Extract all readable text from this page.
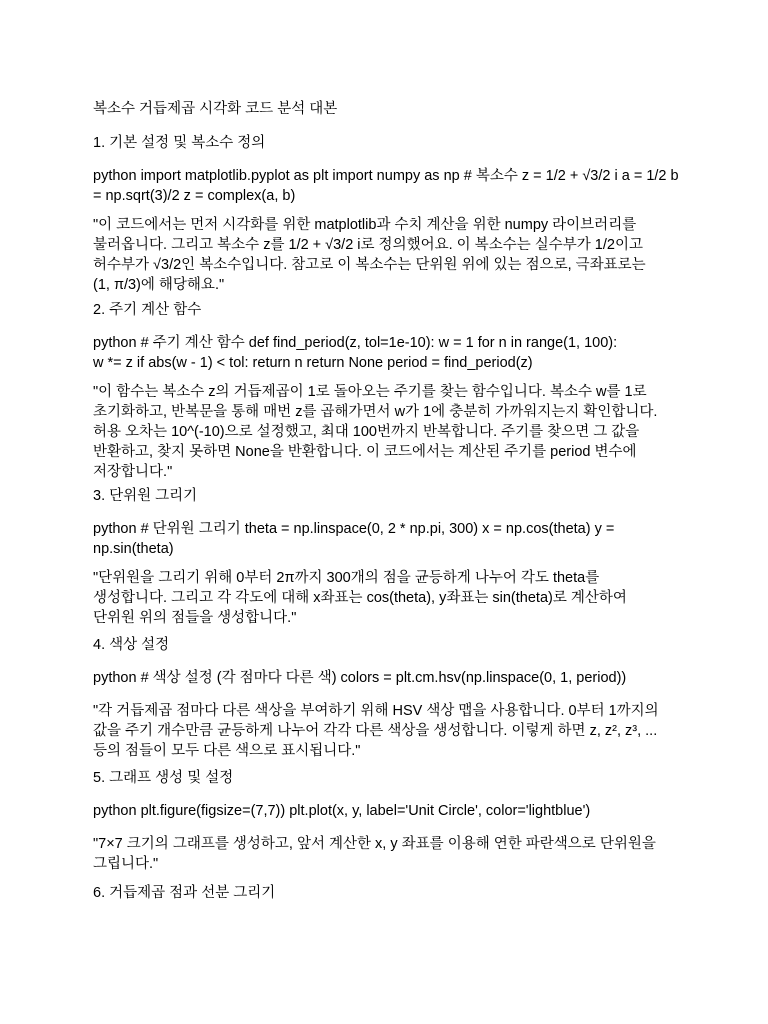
복소수 거듭제곱 시각화 코드 분석 대본

1. 기본 설정 및 복소수 정의

python import matplotlib.pyplot as plt import numpy as np # 복소수 z = 1/2 + √3/2 i a = 1/2 b
= np.sqrt(3)/2 z = complex(a, b)

"이 코드에서는 먼저 시각화를 위한 matplotlib과 수치 계산을 위한 numpy 라이브러리를
불러옵니다. 그리고 복소수 z를 1/2 + √3/2 i로 정의했어요. 이 복소수는 실수부가 1/2이고
허수부가 √3/2인 복소수입니다. 참고로 이 복소수는 단위원 위에 있는 점으로, 극좌표로는
(1, π/3)에 해당해요."

2. 주기 계산 함수

python # 주기 계산 함수 def find_period(z, tol=1e-10): w = 1 for n in range(1, 100):
w *= z if abs(w - 1) < tol: return n return None period = find_period(z)

"이 함수는 복소수 z의 거듭제곱이 1로 돌아오는 주기를 찾는 함수입니다. 복소수 w를 1로
초기화하고, 반복문을 통해 매번 z를 곱해가면서 w가 1에 충분히 가까워지는지 확인합니다.
허용 오차는 10^(-10)으로 설정했고, 최대 100번까지 반복합니다. 주기를 찾으면 그 값을
반환하고, 찾지 못하면 None을 반환합니다. 이 코드에서는 계산된 주기를 period 변수에
저장합니다."

3. 단위원 그리기

python # 단위원 그리기 theta = np.linspace(0, 2 * np.pi, 300) x = np.cos(theta) y =
np.sin(theta)

"단위원을 그리기 위해 0부터 2π까지 300개의 점을 균등하게 나누어 각도 theta를
생성합니다. 그리고 각 각도에 대해 x좌표는 cos(theta), y좌표는 sin(theta)로 계산하여
단위원 위의 점들을 생성합니다."

4. 색상 설정

python # 색상 설정 (각 점마다 다른 색) colors = plt.cm.hsv(np.linspace(0, 1, period))

"각 거듭제곱 점마다 다른 색상을 부여하기 위해 HSV 색상 맵을 사용합니다. 0부터 1까지의
값을 주기 개수만큼 균등하게 나누어 각각 다른 색상을 생성합니다. 이렇게 하면 z, z², z³, ...
등의 점들이 모두 다른 색으로 표시됩니다."

5. 그래프 생성 및 설정

python plt.figure(figsize=(7,7)) plt.plot(x, y, label='Unit Circle', color='lightblue')

"7×7 크기의 그래프를 생성하고, 앞서 계산한 x, y 좌표를 이용해 연한 파란색으로 단위원을
그립니다."

6. 거듭제곱 점과 선분 그리기
